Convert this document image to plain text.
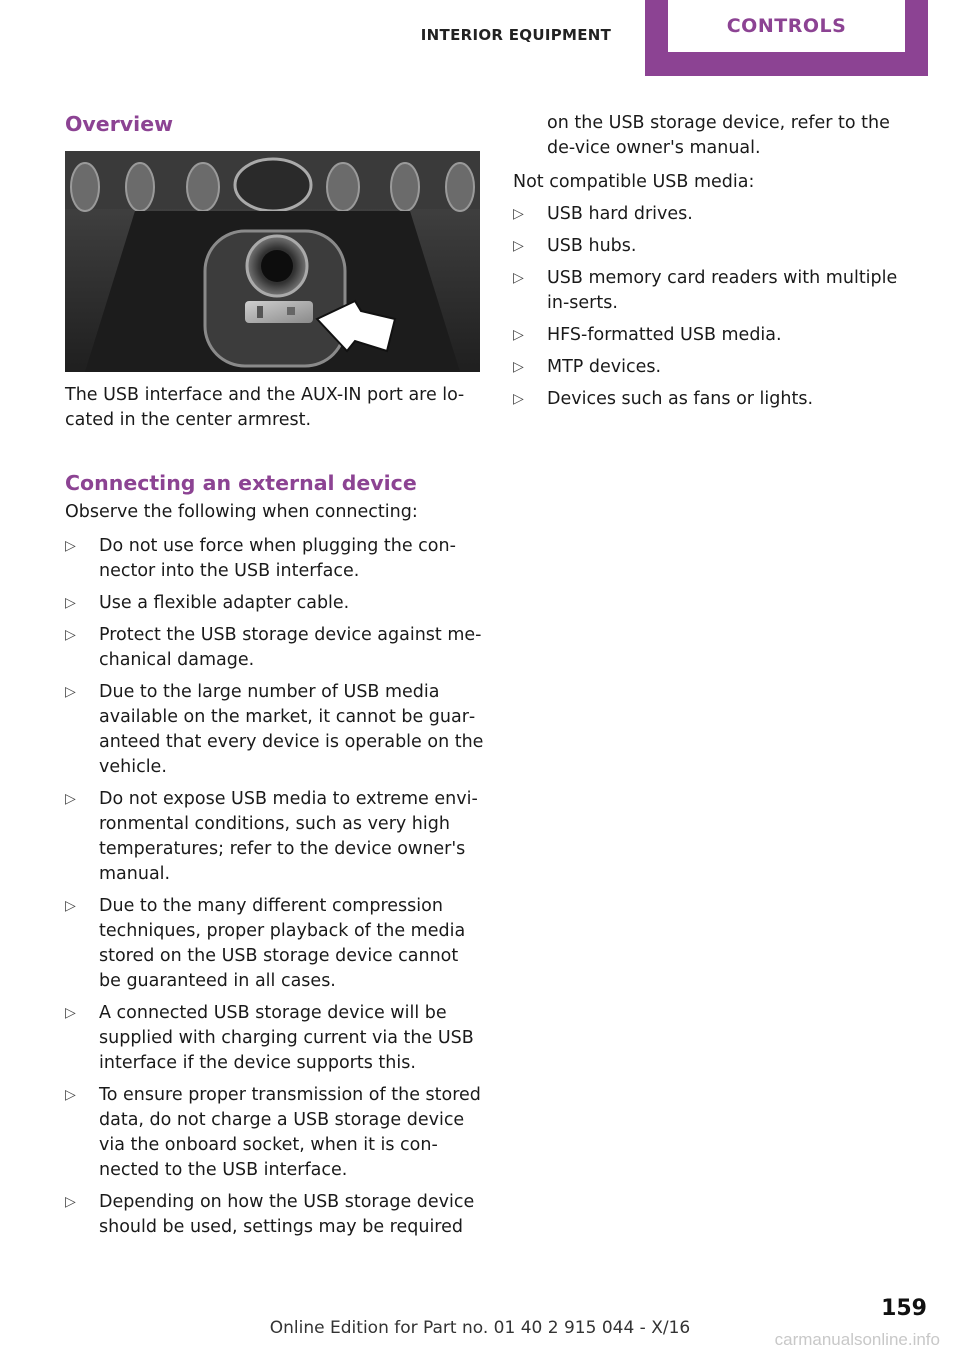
INTERIOR EQUIPMENT	CONTROLS
Overview

The USB interface and the AUX-IN port are lo‐cated in the center armrest.

Connecting an external device

Observe the following when connecting:

▷ Do not use force when plugging the con‐nector into the USB interface.
▷ Use a flexible adapter cable.
▷ Protect the USB storage device against me‐chanical damage.
▷ Due to the large number of USB media available on the market, it cannot be guar‐anteed that every device is operable on the vehicle.
▷ Do not expose USB media to extreme envi‐ronmental conditions, such as very high temperatures; refer to the device owner's manual.
▷ Due to the many different compression techniques, proper playback of the media stored on the USB storage device cannot be guaranteed in all cases.
▷ A connected USB storage device will be supplied with charging current via the USB interface if the device supports this.
▷ To ensure proper transmission of the stored data, do not charge a USB storage device via the onboard socket, when it is con‐nected to the USB interface.
▷ Depending on how the USB storage device should be used, settings may be required

on the USB storage device, refer to the de‐vice owner's manual.

Not compatible USB media:

▷ USB hard drives.
▷ USB hubs.
▷ USB memory card readers with multiple in‐serts.
▷ HFS-formatted USB media.
▷ MTP devices.
▷ Devices such as fans or lights.
159
Online Edition for Part no. 01 40 2 915 044 - X/16
carmanualsonline.info
